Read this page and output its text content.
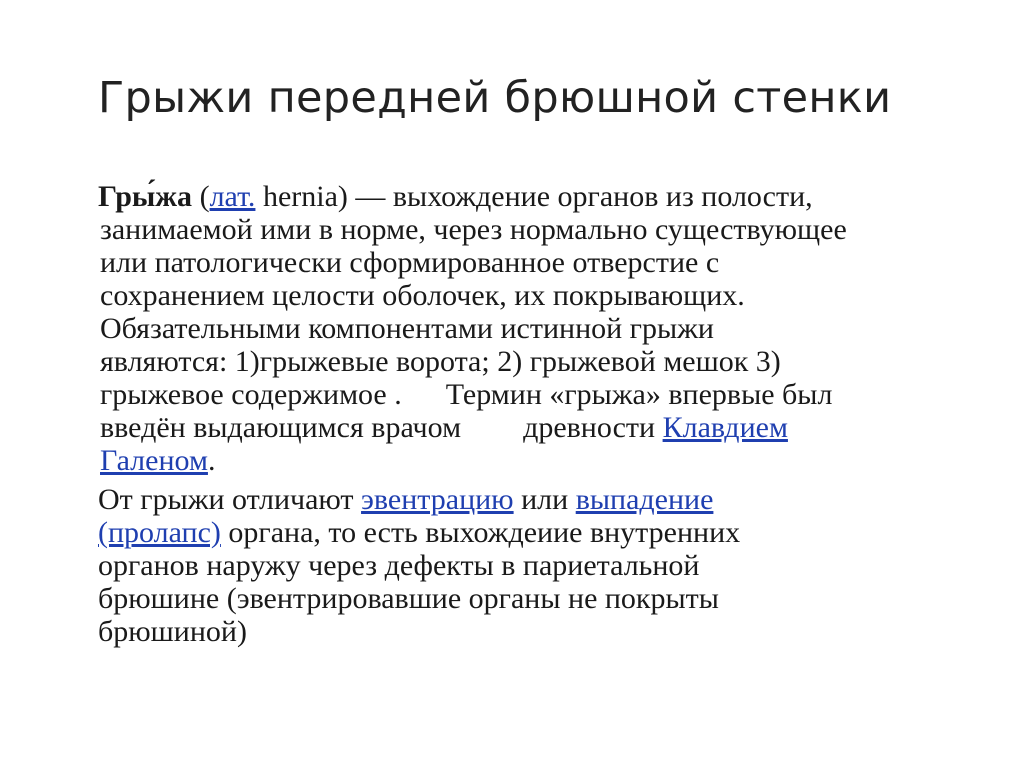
Грыжи передней брюшной стенки
Гры́жа (лат. hernia) — выхождение органов из полости,
занимаемой ими в норме, через нормально существующее
или патологически сформированное отверстие с
сохранением целости оболочек, их покрывающих.
Обязательными компонентами истинной грыжи
являются: 1)грыжевые ворота; 2) грыжевой мешок 3)
грыжевое содержимое . Термин «грыжа» впервые был
введён выдающимся врачом древности Клавдием
Галеном.
От грыжи отличают эвентрацию или выпадение
(пролапс) органа, то есть выхождеиие внутренних
органов наружу через дефекты в париетальной
брюшине (эвентрировавшие органы не покрыты
брюшиной)
